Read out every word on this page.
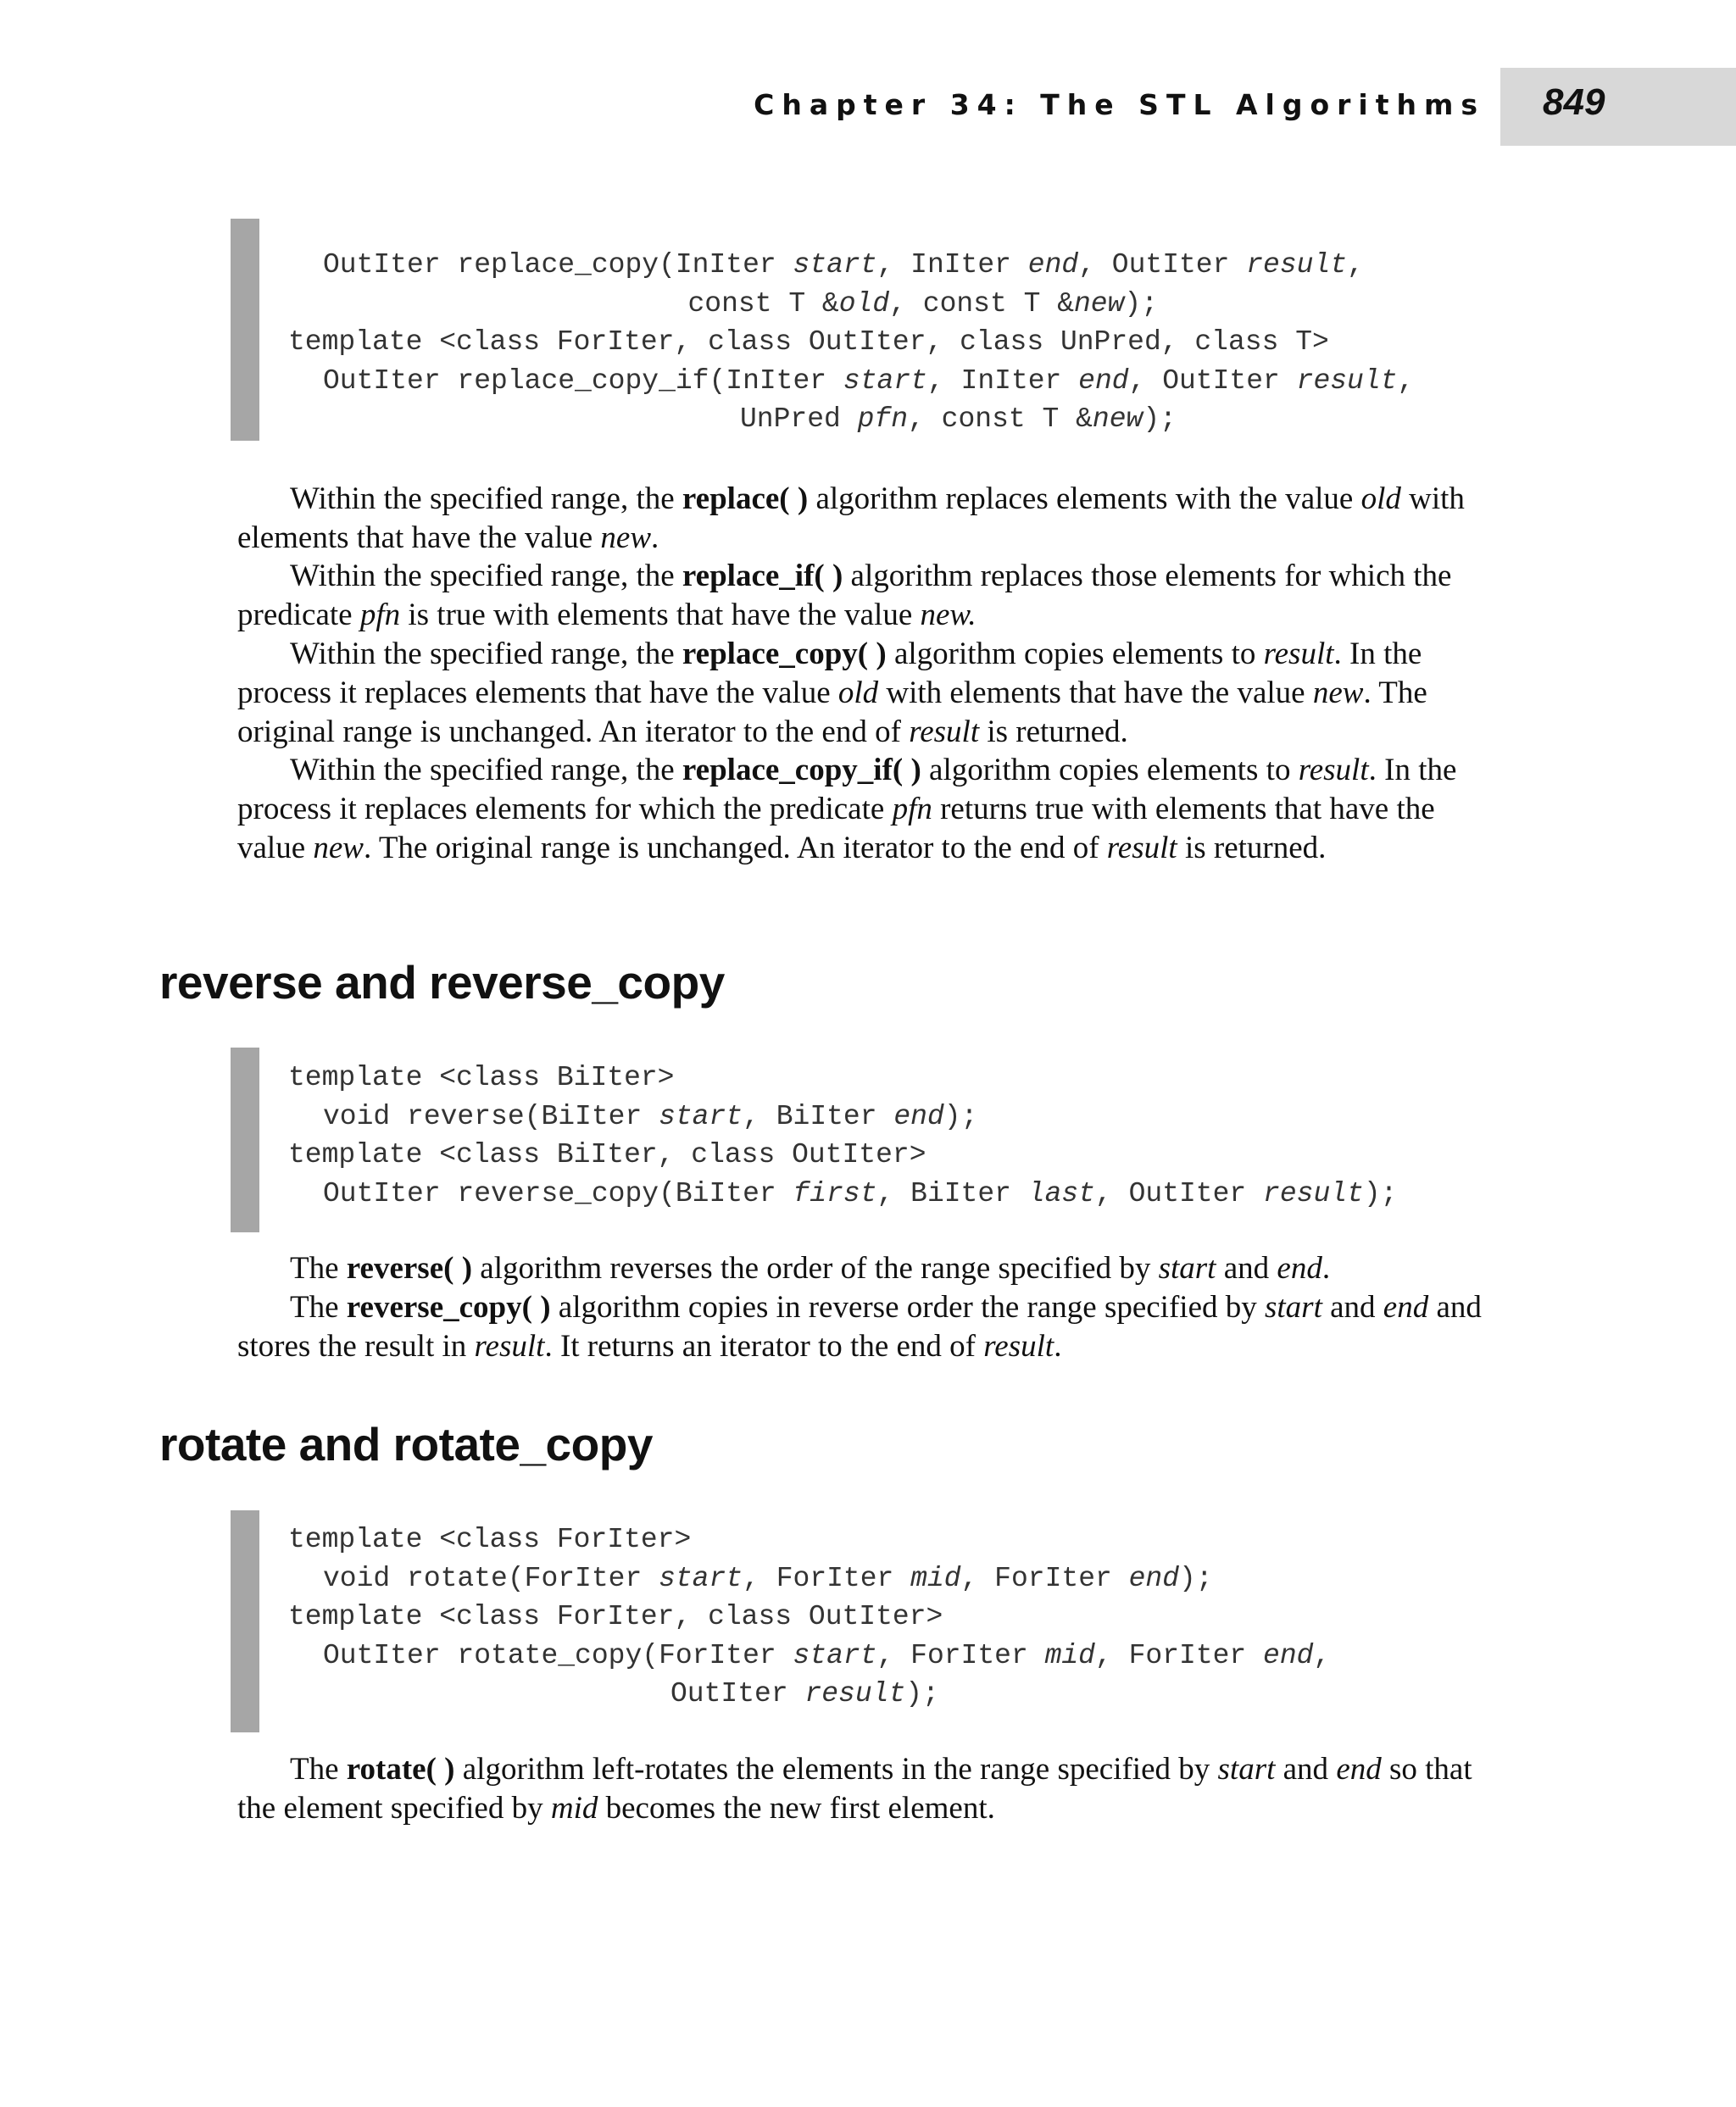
Chapter 34: The STL Algorithms 849
OutIter replace_copy(InIter start, InIter end, OutIter result,
const T &old, const T &new);
template <class ForIter, class OutIter, class UnPred, class T>
OutIter replace_copy_if(InIter start, InIter end, OutIter result,
UnPred pfn, const T &new);

Within the specified range, the replace( ) algorithm replaces elements with the value old with elements that have the value new.

Within the specified range, the replace_if( ) algorithm replaces those elements for which the predicate pfn is true with elements that have the value new.

Within the specified range, the replace_copy( ) algorithm copies elements to result. In the process it replaces elements that have the value old with elements that have the value new. The original range is unchanged. An iterator to the end of result is returned.

Within the specified range, the replace_copy_if( ) algorithm copies elements to result. In the process it replaces elements for which the predicate pfn returns true with elements that have the value new. The original range is unchanged. An iterator to the end of result is returned.

reverse and reverse_copy
template <class BiIter>
void reverse(BiIter start, BiIter end);
template <class BiIter, class OutIter>
OutIter reverse_copy(BiIter first, BiIter last, OutIter result);

The reverse( ) algorithm reverses the order of the range specified by start and end.

The reverse_copy( ) algorithm copies in reverse order the range specified by start and end and stores the result in result. It returns an iterator to the end of result.

rotate and rotate_copy
template <class ForIter>
void rotate(ForIter start, ForIter mid, ForIter end);
template <class ForIter, class OutIter>
OutIter rotate_copy(ForIter start, ForIter mid, ForIter end,
OutIter result);

The rotate( ) algorithm left-rotates the elements in the range specified by start and end so that the element specified by mid becomes the new first element.
